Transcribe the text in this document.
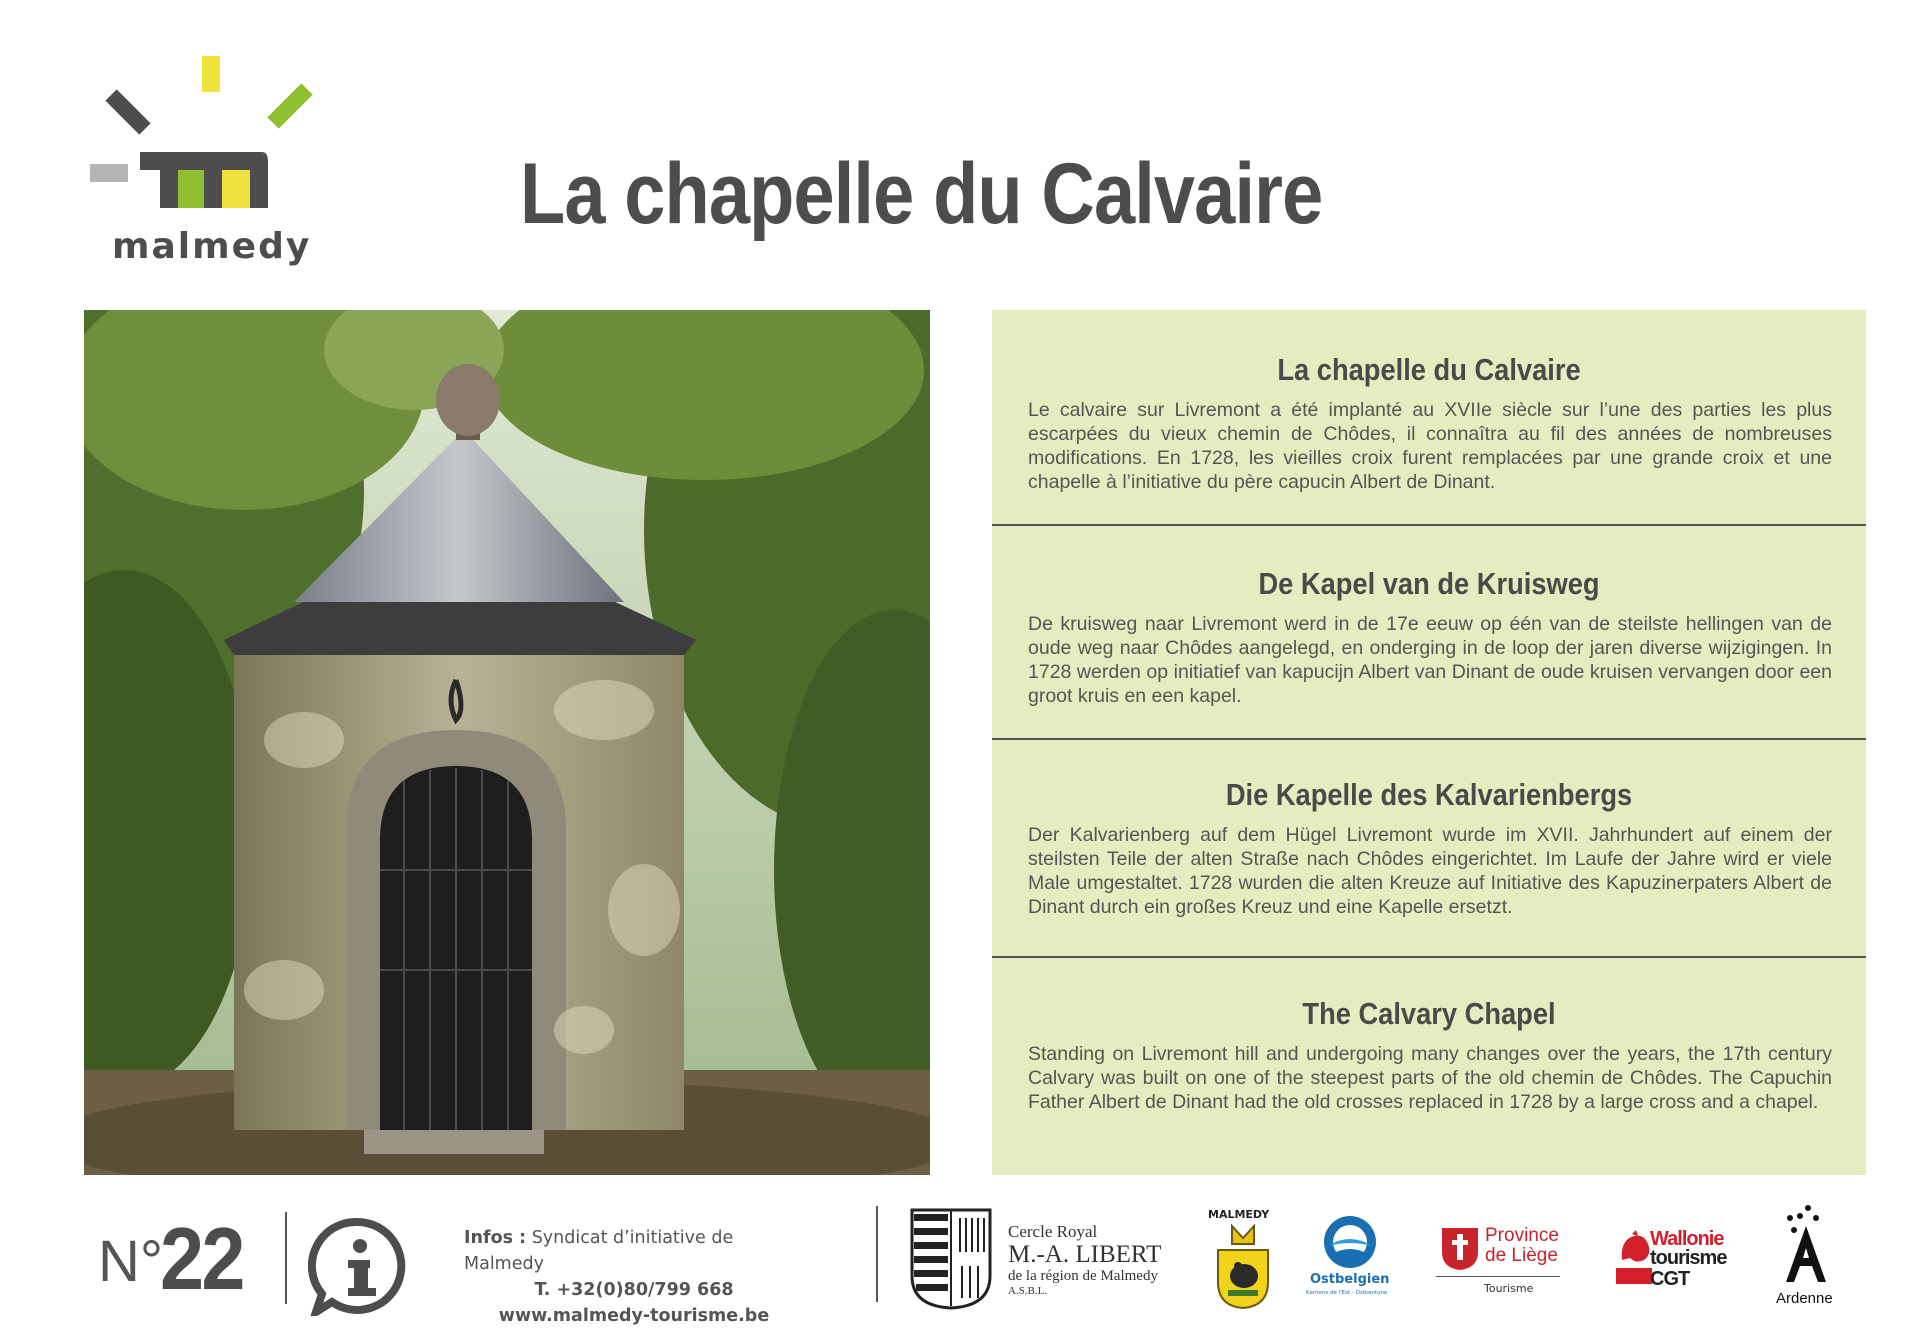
malmedy
La chapelle du Calvaire
La chapelle du Calvaire

Le calvaire sur Livremont a été implanté au XVIIe siècle sur l’une des parties les plus escarpées du vieux chemin de Chôdes, il connaîtra au fil des années de nombreuses modifications. En 1728, les vieilles croix furent remplacées par une grande croix et une chapelle à l’initiative du père capucin Albert de Dinant.

De Kapel van de Kruisweg

De kruisweg naar Livremont werd in de 17e eeuw op één van de steilste hellingen van de oude weg naar Chôdes aangelegd, en onderging in de loop der jaren diverse wijzigingen. In 1728 werden op initiatief van kapucijn Albert van Dinant de oude kruisen vervangen door een groot kruis en een kapel.

Die Kapelle des Kalvarienbergs

Der Kalvarienberg auf dem Hügel Livremont wurde im XVII. Jahrhundert auf einem der steilsten Teile der alten Straße nach Chôdes eingerichtet. Im Laufe der Jahre wird er viele Male umgestaltet. 1728 wurden die alten Kreuze auf Initiative des Kapuzinerpaters Albert de Dinant durch ein großes Kreuz und eine Kapelle ersetzt.

The Calvary Chapel

Standing on Livremont hill and undergoing many changes over the years, the 17th century Calvary was built on one of the steepest parts of the old chemin de Chôdes. The Capuchin Father Albert de Dinant had the old crosses replaced in 1728 by a large cross and a chapel.

N°
22	Infos : Syndicat d’initiative de Malmedy
T. +32(0)80/799 668
www.malmedy-tourisme.be
Cercle Royal
M.-A. LIBERT
de la région de Malmedy
A.S.B.L.
MALMEDY
Ostbelgien
Kantons de l'Est - Ostkantone
Province
de Liège
Tourisme
Wallonie
tourisme
CGT
Ardenne
